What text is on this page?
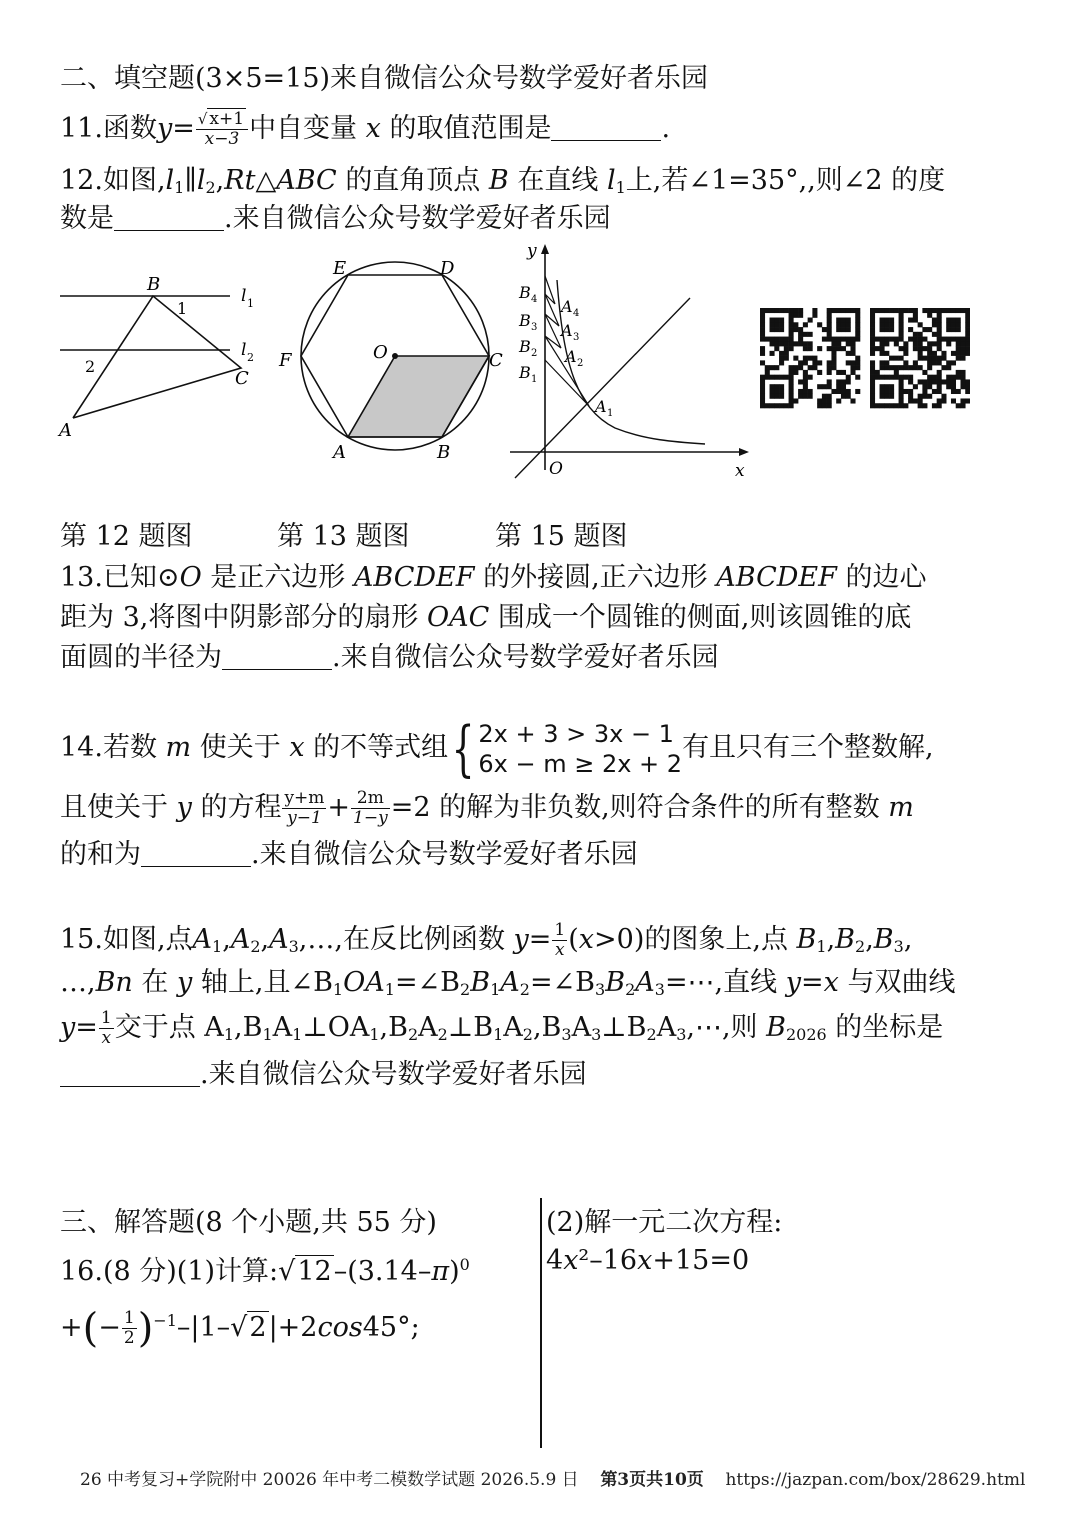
二、填空题(3×5=15)来自微信公众号数学爱好者乐园
11.函数$y= \frac{√ x+1}{x-3}$ 中自变量 x 的取值范围是	.
12.如图$,l_1\parallel l_2,Rt\triangle ABC$ 的直角顶点 B 在直线 $l_1$上,若∠1=35°,,则∠2 的度
数是	.来自微信公众号数学爱好者乐园
B
1
l 1
2
l 2
C
A
E	D
F	O	C
A	B
y
x
O
B 4
B 3
B 2
B 1
A 4
A 3
A 2
A 1
第 12 题图	第 13 题图	第 15 题图
13.已知⊙O 是正六边形 ABCDEF 的外接圆,正六边形 ABCDEF 的边心
距为 3,将图中阴影部分的扇形 OAC 围成一个圆锥的侧面,则该圆锥的底
面圆的半径为	.来自微信公众号数学爱好者乐园
14.若数 m 使关于 x 的不等式组{ 2x + 3 > 3x − 1
6x − m ≥ 2x + 2
有且只有三个整数解,
且使关于 y 的方程 $\frac{y+m}{y-1} + \frac{2m}{1-y} =2$ 的解为非负数,则符合条件的所有整数 m
的和为	.来自微信公众号数学爱好者乐园
15.如图,点$A_1,A_2,A_3,\dots$,在反比例函数 $y= \frac{1}{x} (x>0)$的图象上,点 $B_1,B_2,B_3$,
…,Bn 在 y 轴上,且$\angle B_1OA_1=\angle B_2B_1A_2=\angle B_3B_2A_3=\cdots$,直线 y=x 与双曲线
$y= \frac{1}{x}$ 交于点 $A_1,B_1A_1\perp OA_1,B_2A_2\perp B_1A_2,B_3A_3\perp B_2A_3,\cdots$,则 $B_{2026}$ 的坐标是
.来自微信公众号数学爱好者乐园
三、解答题(8 个小题,共 55 分)
16.(8 分)(1)计算$:√12-(3.14-\pi)^0$
+(− $\frac{1}{2} )^{-1}-|1-√2|+2\cos 45^\circ$;
(2)解一元二次方程:
4x²–16x+15=0
26 中考复习+学院附中 20026 年中考二模数学试题 2026.5.9 日 第3页共10页 https://jazpan.com/box/28629.html
